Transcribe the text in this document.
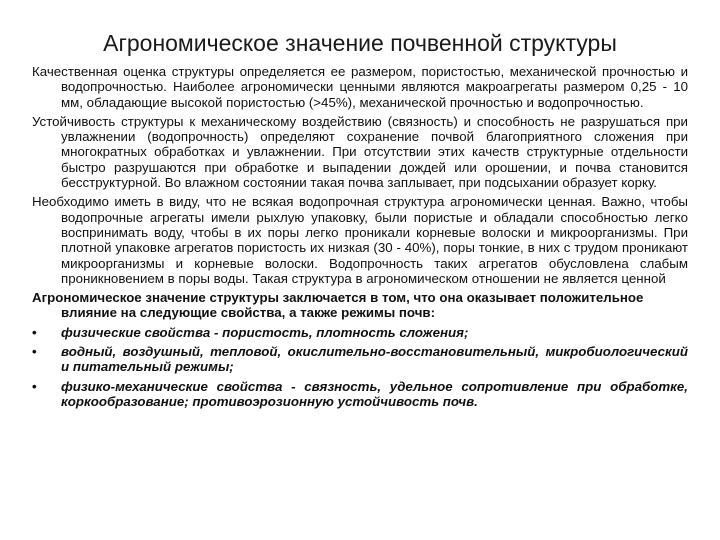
Агрономическое значение почвенной структуры

Качественная оценка структуры определяется ее размером, пористостью, механической прочностью и водопрочностью. Наиболее агрономически ценными являются макроагрегаты размером 0,25 - 10 мм, обладающие высокой пористостью (>45%), механической прочностью и водопрочностью.

Устойчивость структуры к механическому воздействию (связность) и способность не разрушаться при увлажнении (водопрочность) определяют сохранение почвой благоприятного сложения при многократных обработках и увлажнении. При отсутствии этих качеств структурные отдельности быстро разрушаются при обработке и выпадении дождей или орошении, и почва становится бесструктурной. Во влажном состоянии такая почва заплывает, при подсыхании образует корку.

Необходимо иметь в виду, что не всякая водопрочная структура агрономически ценная. Важно, чтобы водопрочные агрегаты имели рыхлую упаковку, были пористые и обладали способностью легко воспринимать воду, чтобы в их поры легко проникали корневые волоски и микроорганизмы. При плотной упаковке агрегатов пористость их низкая (30 - 40%), поры тонкие, в них с трудом проникают микроорганизмы и корневые волоски. Водопрочность таких агрегатов обусловлена слабым проникновением в поры воды. Такая структура в агрономическом отношении не является ценной

Агрономическое значение структуры заключается в том, что она оказывает положительное влияние на следующие свойства, а также режимы почв:

•	физические свойства - пористость, плотность сложения;
•	водный, воздушный, тепловой, окислительно-восстановительный, микробиологический и питательный режимы;
•	физико-механические свойства - связность, удельное сопротивление при обработке, коркообразование; противоэрозионную устойчивость почв.
